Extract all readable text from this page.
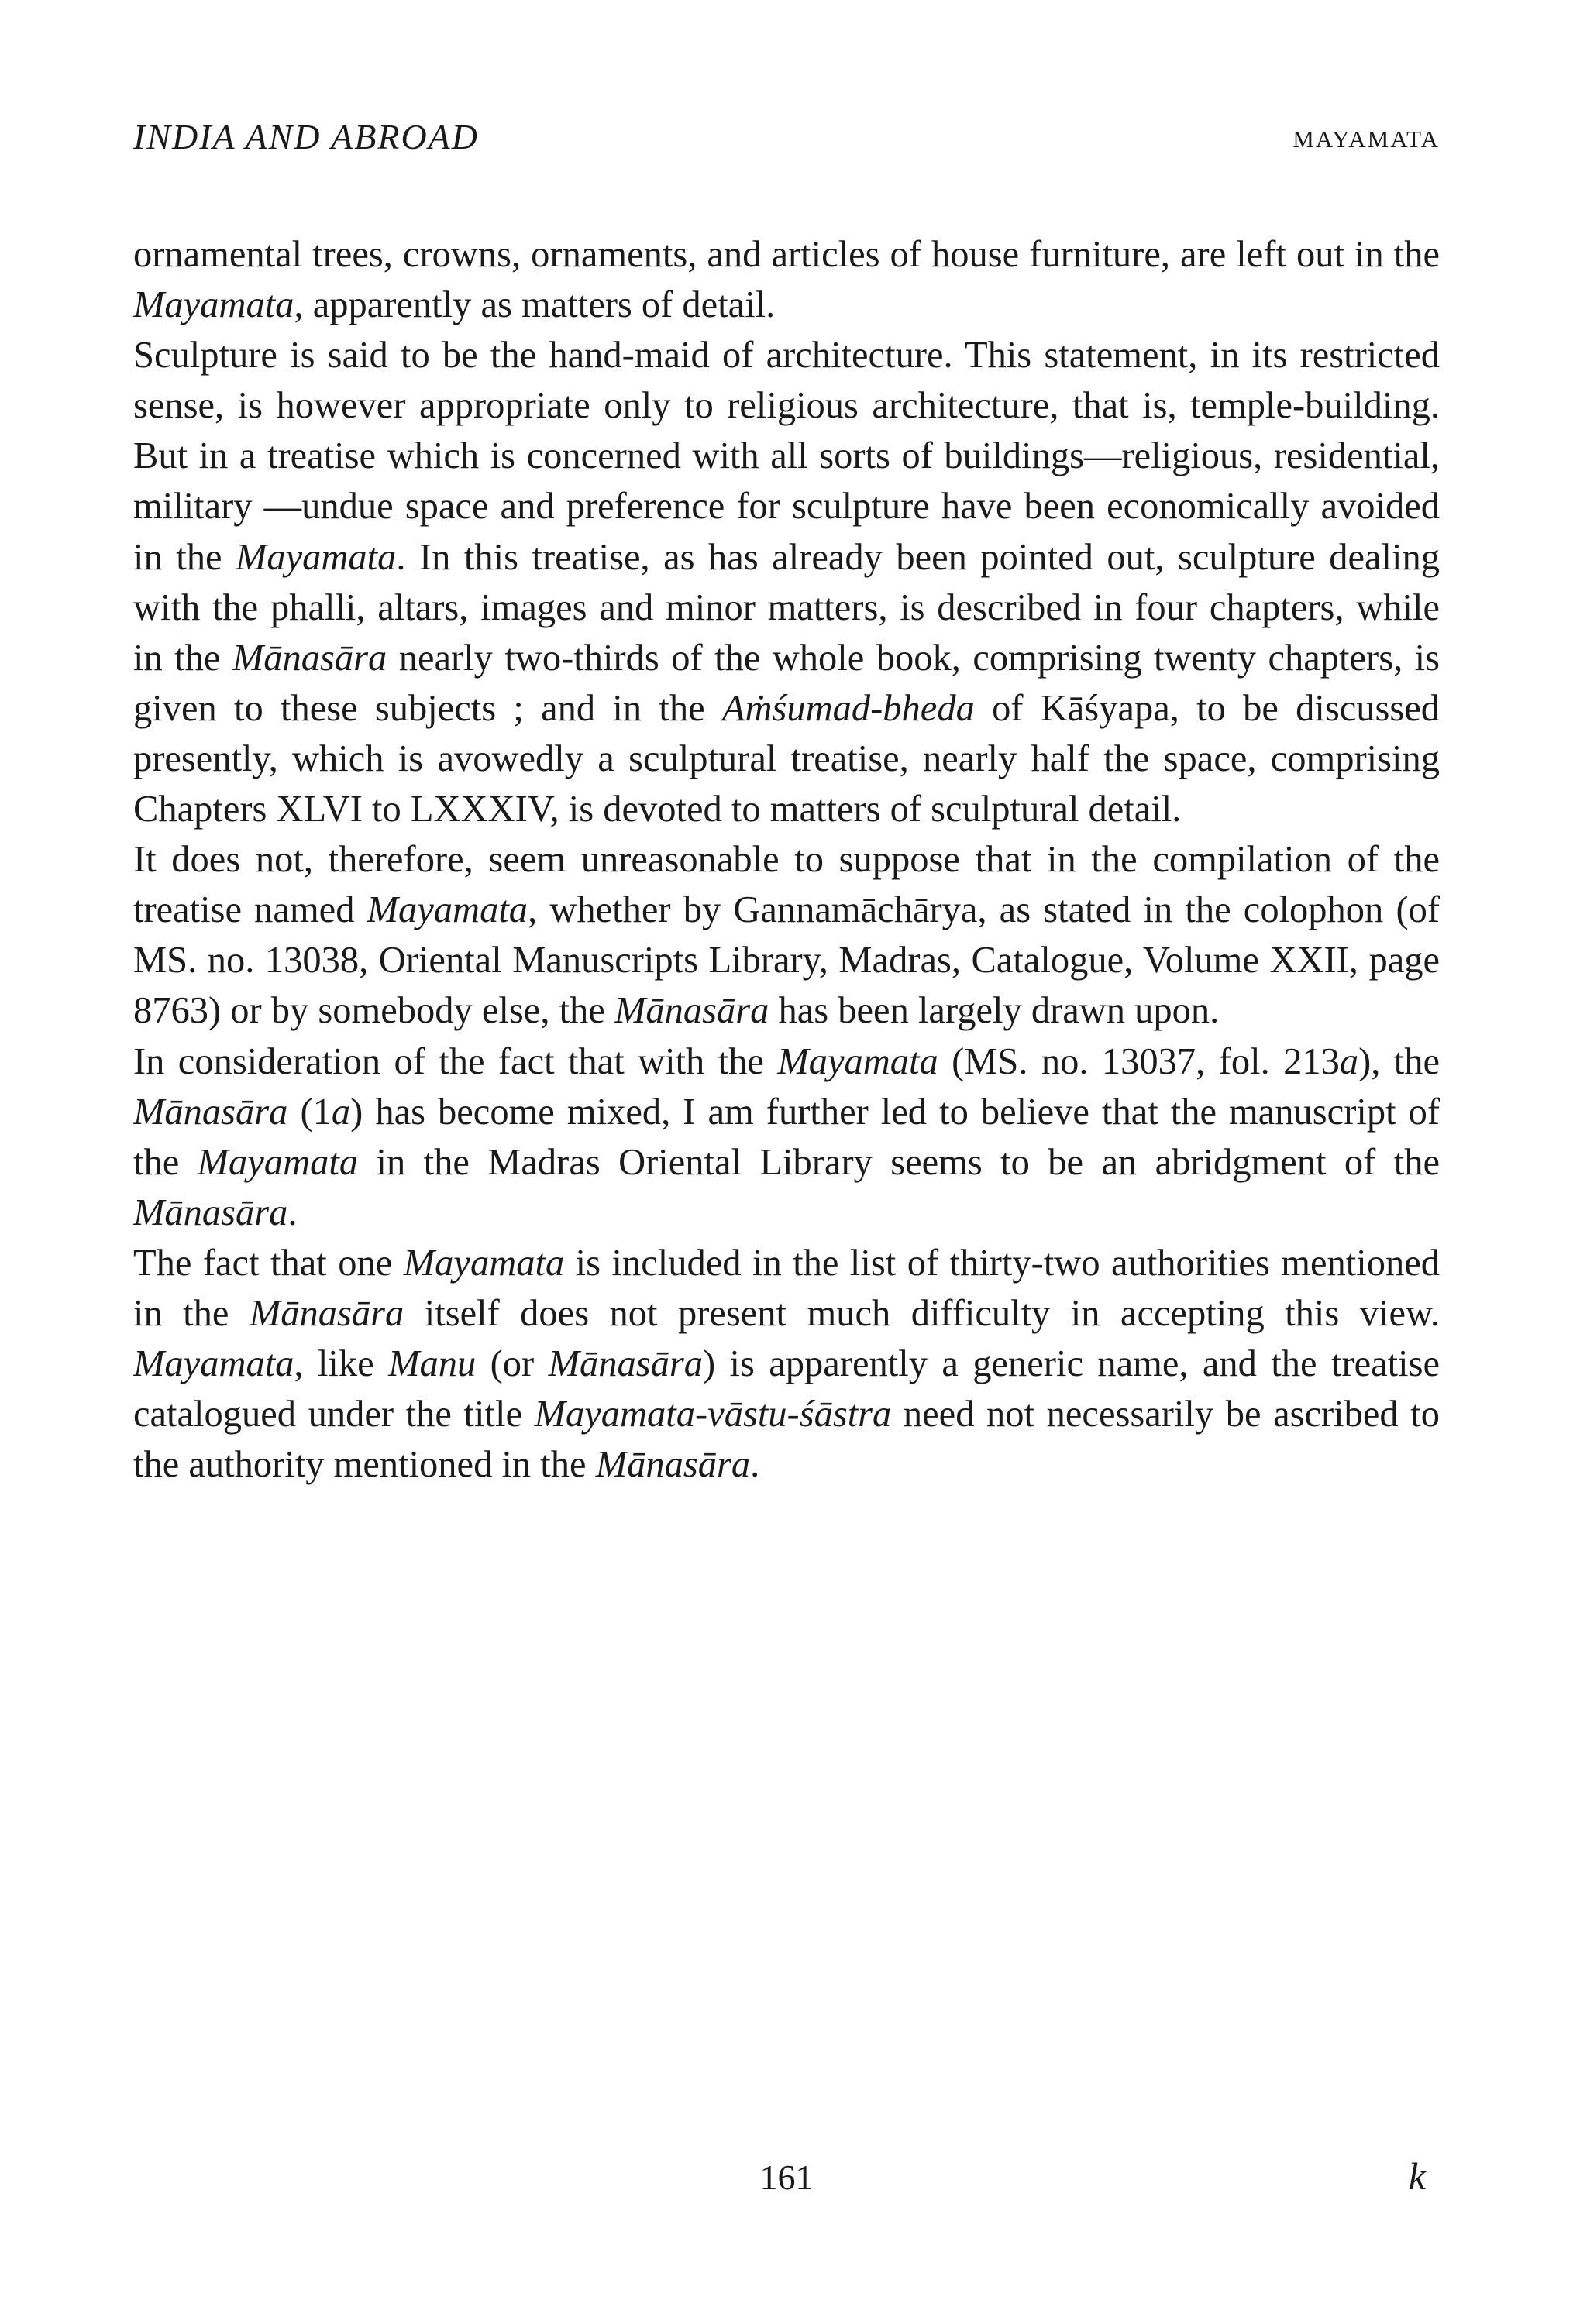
INDIA AND ABROAD	MAYAMATA

ornamental trees, crowns, ornaments, and articles of house furniture, are left out in the Mayamata, apparently as matters of detail.

Sculpture is said to be the hand-maid of architecture. This statement, in its restricted sense, is however appropriate only to religious architecture, that is, temple-building. But in a treatise which is concerned with all sorts of buildings—religious, residential, military —undue space and preference for sculpture have been economically avoided in the Mayamata. In this treatise, as has already been pointed out, sculpture dealing with the phalli, altars, images and minor matters, is described in four chapters, while in the Mānasāra nearly two-thirds of the whole book, comprising twenty chapters, is given to these subjects ; and in the Aṁśumad-bheda of Kāśyapa, to be discussed presently, which is avowedly a sculptural treatise, nearly half the space, comprising Chapters XLVI to LXXXIV, is devoted to matters of sculptural detail.

It does not, therefore, seem unreasonable to suppose that in the compilation of the treatise named Mayamata, whether by Gannamāchārya, as stated in the colophon (of MS. no. 13038, Oriental Manuscripts Library, Madras, Catalogue, Volume XXII, page 8763) or by somebody else, the Mānasāra has been largely drawn upon.

In consideration of the fact that with the Mayamata (MS. no. 13037, fol. 213a), the Mānasāra (1a) has become mixed, I am further led to believe that the manuscript of the Mayamata in the Madras Oriental Library seems to be an abridgment of the Mānasāra.

The fact that one Mayamata is included in the list of thirty-two authorities mentioned in the Mānasāra itself does not present much difficulty in accepting this view. Mayamata, like Manu (or Mānasāra) is apparently a generic name, and the treatise catalogued under the title Mayamata-vāstu-śāstra need not necessarily be ascribed to the authority mentioned in the Mānasāra.

161	k
